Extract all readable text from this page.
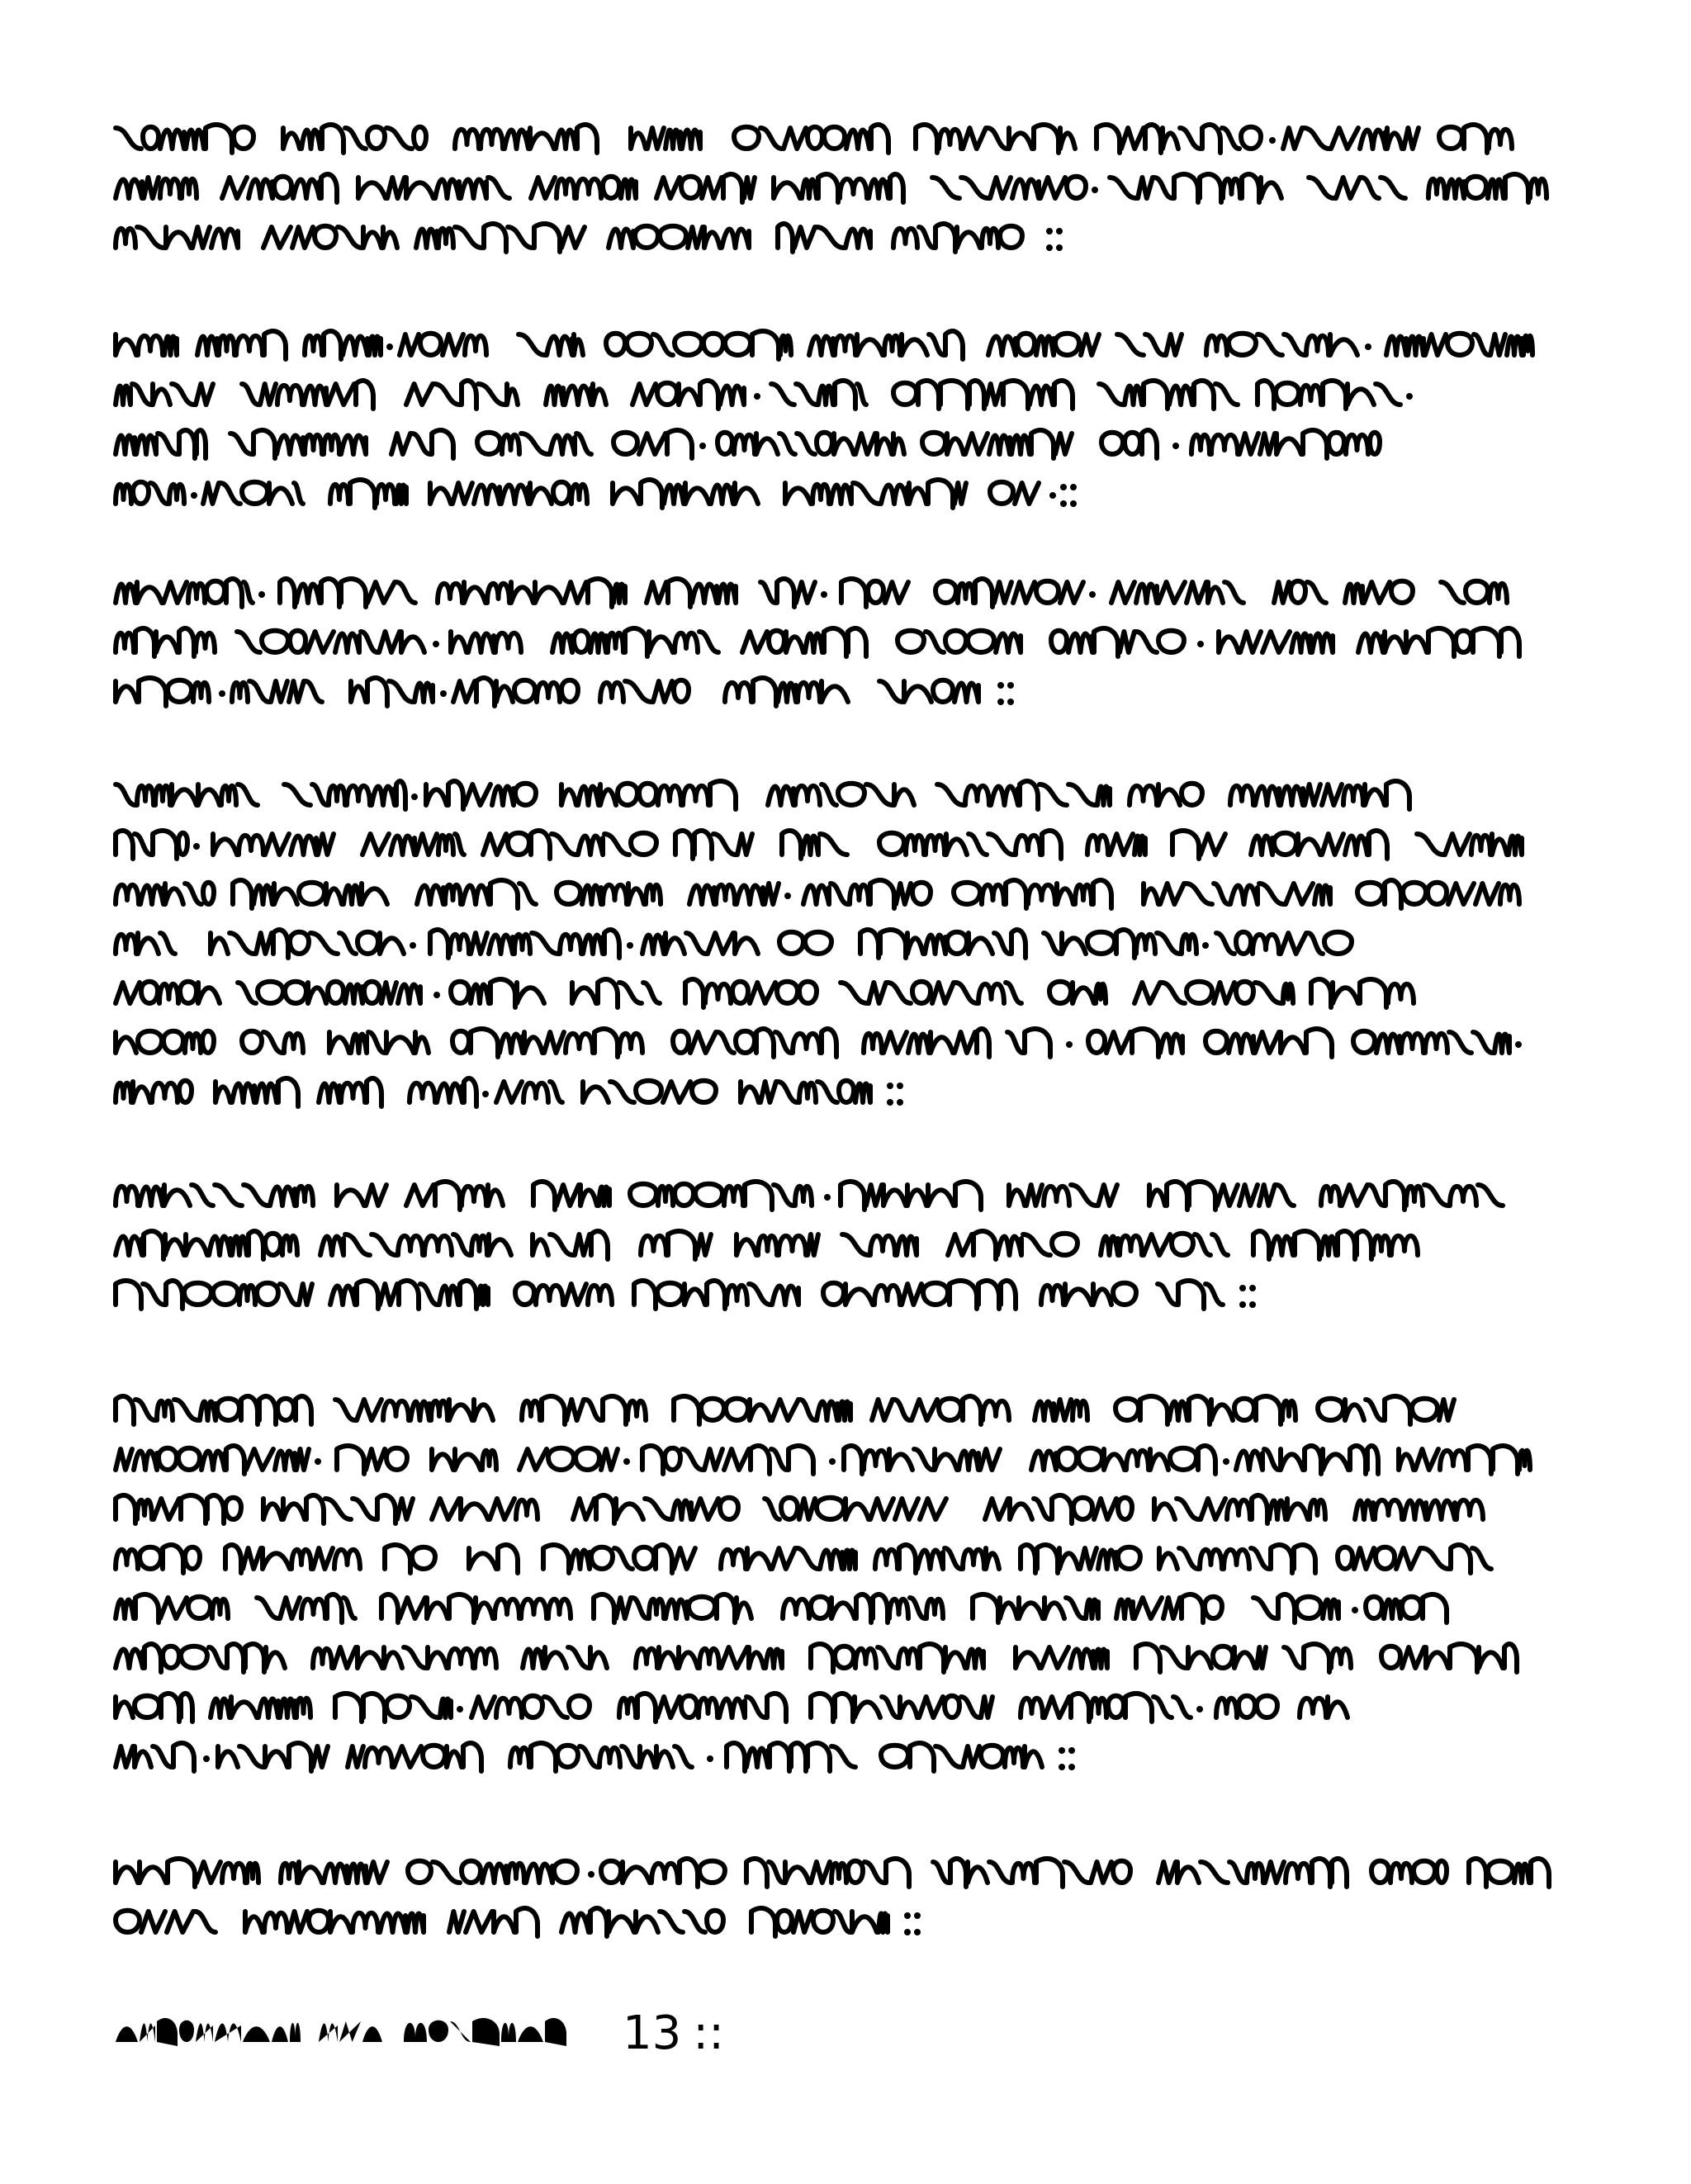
13 ::
